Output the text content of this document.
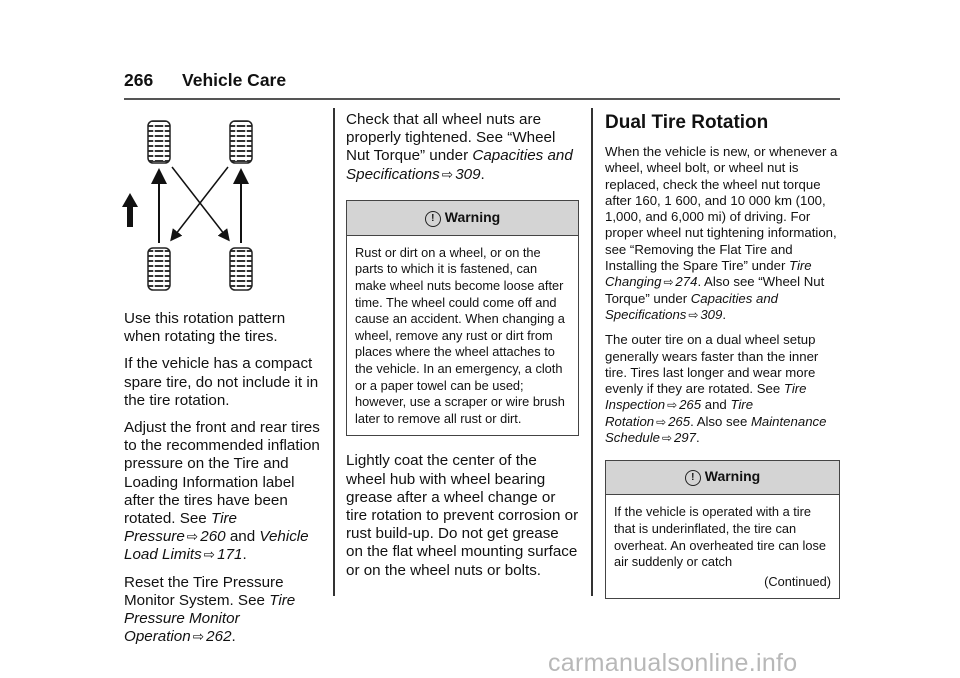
266 Vehicle Care

Use this rotation pattern when rotating the tires.

If the vehicle has a compact spare tire, do not include it in the tire rotation.

Adjust the front and rear tires to the recommended inflation pressure on the Tire and Loading Information label after the tires have been rotated. See Tire Pressure ⇨ 260 and Vehicle Load Limits ⇨ 171.

Reset the Tire Pressure Monitor System. See Tire Pressure Monitor Operation ⇨ 262.

Check that all wheel nuts are properly tightened. See “Wheel Nut Torque” under Capacities and Specifications ⇨ 309.

! Warning
Rust or dirt on a wheel, or on the parts to which it is fastened, can make wheel nuts become loose after time. The wheel could come off and cause an accident. When changing a wheel, remove any rust or dirt from places where the wheel attaches to the vehicle. In an emergency, a cloth or a paper towel can be used; however, use a scraper or wire brush later to remove all rust or dirt.

Lightly coat the center of the wheel hub with wheel bearing grease after a wheel change or tire rotation to prevent corrosion or rust build-up. Do not get grease on the flat wheel mounting surface or on the wheel nuts or bolts.

Dual Tire Rotation

When the vehicle is new, or whenever a wheel, wheel bolt, or wheel nut is replaced, check the wheel nut torque after 160, 1 600, and 10 000 km (100, 1,000, and 6,000 mi) of driving. For proper wheel nut tightening information, see “Removing the Flat Tire and Installing the Spare Tire” under Tire Changing ⇨ 274. Also see “Wheel Nut Torque” under Capacities and Specifications ⇨ 309.

The outer tire on a dual wheel setup generally wears faster than the inner tire. Tires last longer and wear more evenly if they are rotated. See Tire Inspection ⇨ 265 and Tire Rotation ⇨ 265. Also see Maintenance Schedule ⇨ 297.

! Warning
If the vehicle is operated with a tire that is underinflated, the tire can overheat. An overheated tire can lose air suddenly or catch
(Continued)
carmanualsonline.info
